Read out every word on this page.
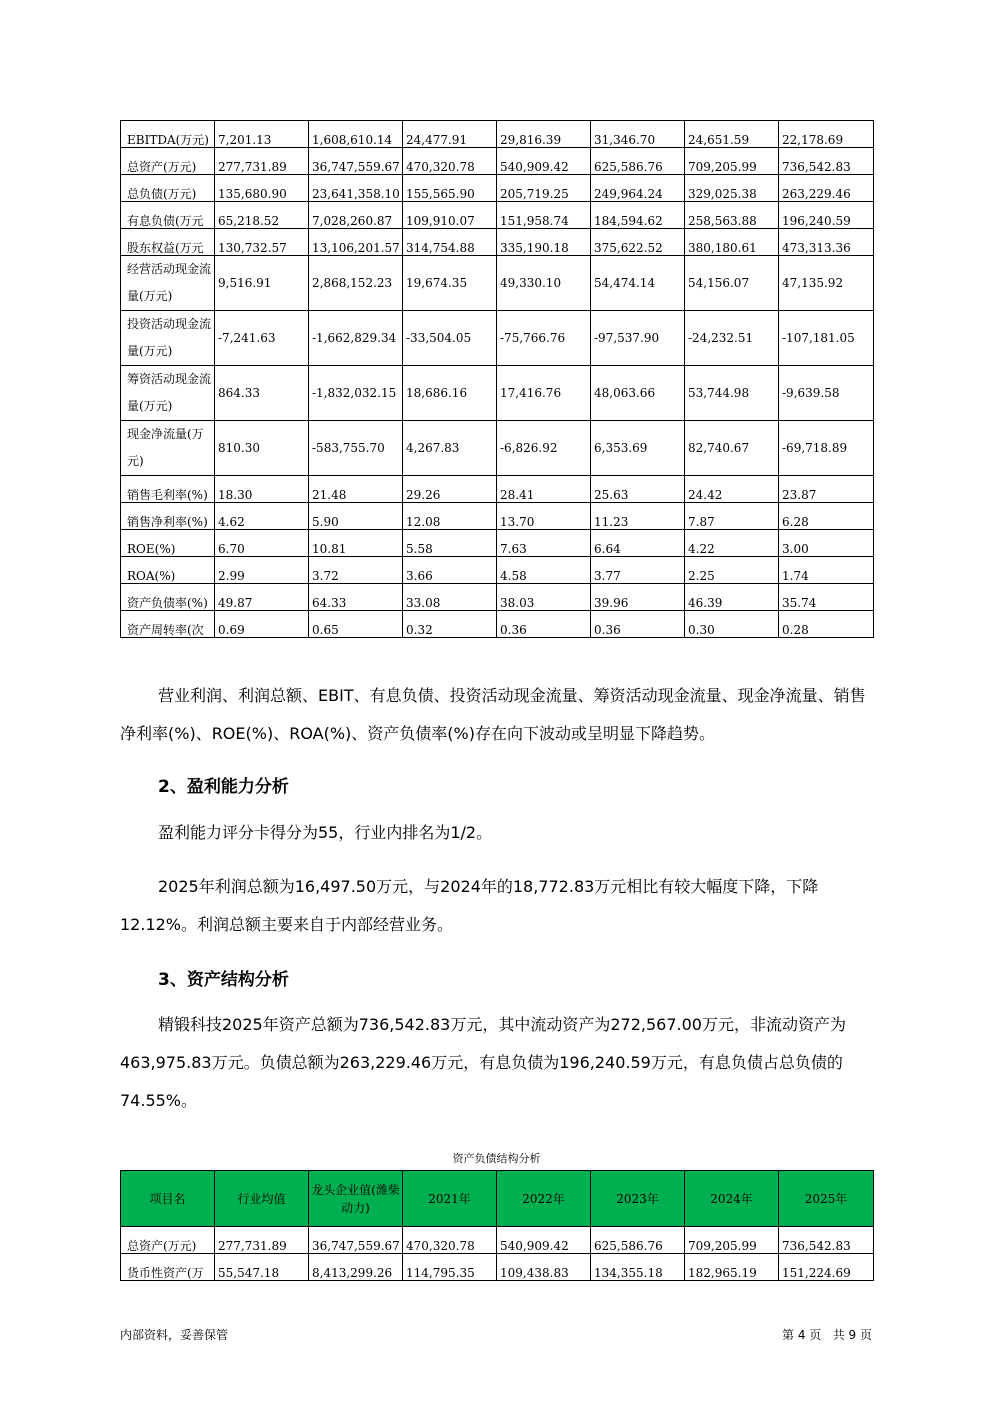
EBITDA(万元)	7,201.13	1,608,610.14	24,477.91	29,816.39	31,346.70	24,651.59	22,178.69
总资产(万元)	277,731.89	36,747,559.67	470,320.78	540,909.42	625,586.76	709,205.99	736,542.83
总负债(万元)	135,680.90	23,641,358.10	155,565.90	205,719.25	249,964.24	329,025.38	263,229.46
有息负债(万元	65,218.52	7,028,260.87	109,910.07	151,958.74	184,594.62	258,563.88	196,240.59
股东权益(万元	130,732.57	13,106,201.57	314,754.88	335,190.18	375,622.52	380,180.61	473,313.36
经营活动现金流量(万元)	9,516.91	2,868,152.23	19,674.35	49,330.10	54,474.14	54,156.07	47,135.92
投资活动现金流量(万元)	-7,241.63	-1,662,829.34	-33,504.05	-75,766.76	-97,537.90	-24,232.51	-107,181.05
筹资活动现金流量(万元)	864.33	-1,832,032.15	18,686.16	17,416.76	48,063.66	53,744.98	-9,639.58
现金净流量(万元)	810.30	-583,755.70	4,267.83	-6,826.92	6,353.69	82,740.67	-69,718.89
销售毛利率(%)	18.30	21.48	29.26	28.41	25.63	24.42	23.87
销售净利率(%)	4.62	5.90	12.08	13.70	11.23	7.87	6.28
ROE(%)	6.70	10.81	5.58	7.63	6.64	4.22	3.00
ROA(%)	2.99	3.72	3.66	4.58	3.77	2.25	1.74
资产负债率(%)	49.87	64.33	33.08	38.03	39.96	46.39	35.74
资产周转率(次	0.69	0.65	0.32	0.36	0.36	0.30	0.28
营业利润、利润总额、EBIT、有息负债、投资活动现金流量、筹资活动现金流量、现金净流量、销售净利率(%)、ROE(%)、ROA(%)、资产负债率(%)存在向下波动或呈明显下降趋势。
2、盈利能力分析
盈利能力评分卡得分为55，行业内排名为1/2。
2025年利润总额为16,497.50万元，与2024年的18,772.83万元相比有较大幅度下降，下降12.12%。利润总额主要来自于内部经营业务。
3、资产结构分析
精锻科技2025年资产总额为736,542.83万元，其中流动资产为272,567.00万元，非流动资产为463,975.83万元。负债总额为263,229.46万元，有息负债为196,240.59万元，有息负债占总负债的74.55%。
资产负债结构分析
项目名	行业均值	龙头企业值(潍柴动力)	2021年	2022年	2023年	2024年	2025年
总资产(万元)	277,731.89	36,747,559.67	470,320.78	540,909.42	625,586.76	709,205.99	736,542.83
货币性资产(万	55,547.18	8,413,299.26	114,795.35	109,438.83	134,355.18	182,965.19	151,224.69
内部资料，妥善保管	第 4 页   共 9 页
